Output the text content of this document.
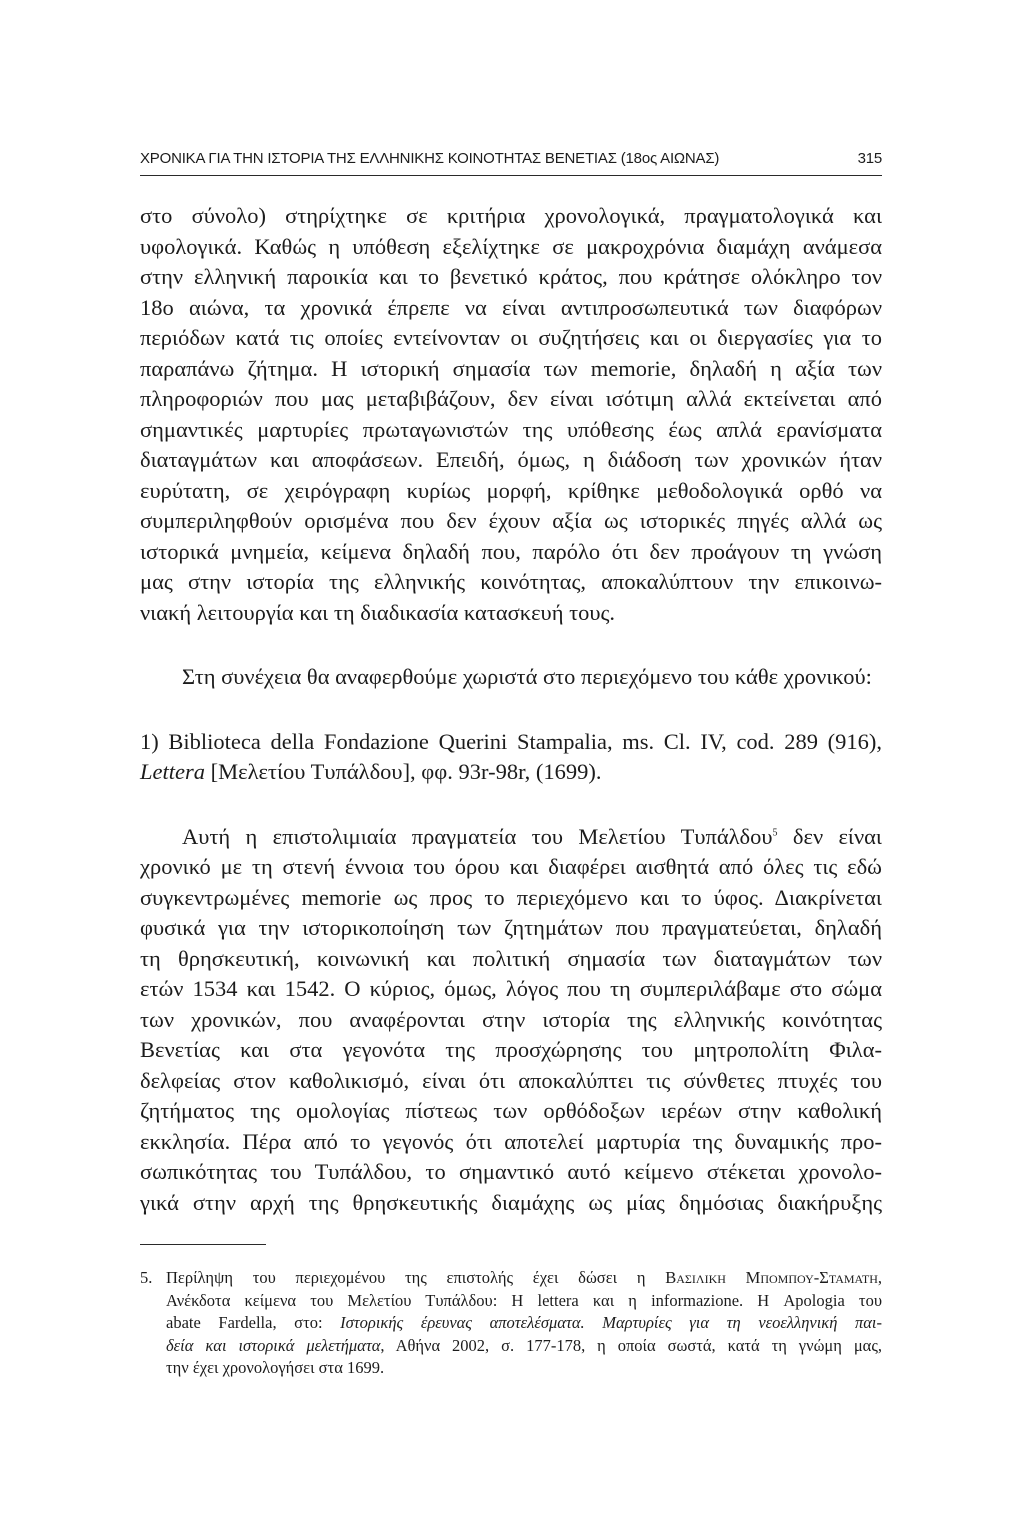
ΧΡΟΝΙΚΑ ΓΙΑ ΤΗΝ ΙΣΤΟΡΙΑ ΤΗΣ ΕΛΛΗΝΙΚΗΣ ΚΟΙΝΟΤΗΤΑΣ ΒΕΝΕΤΙΑΣ (18ος ΑΙΩΝΑΣ)	315
στο σύνολο) στηρίχτηκε σε κριτήρια χρονολογικά, πραγματολογικά και
υφολογικά. Καθώς η υπόθεση εξελίχτηκε σε μακροχρόνια διαμάχη ανάμεσα
στην ελληνική παροικία και το βενετικό κράτος, που κράτησε ολόκληρο τον
18ο αιώνα, τα χρονικά έπρεπε να είναι αντιπροσωπευτικά των διαφόρων
περιόδων κατά τις οποίες εντείνονταν οι συζητήσεις και οι διεργασίες για το
παραπάνω ζήτημα. Η ιστορική σημασία των memorie, δηλαδή η αξία των
πληροφοριών που μας μεταβιβάζουν, δεν είναι ισότιμη αλλά εκτείνεται από
σημαντικές μαρτυρίες πρωταγωνιστών της υπόθεσης έως απλά ερανίσματα
διαταγμάτων και αποφάσεων. Επειδή, όμως, η διάδοση των χρονικών ήταν
ευρύτατη, σε χειρόγραφη κυρίως μορφή, κρίθηκε μεθοδολογικά ορθό να
συμπεριληφθούν ορισμένα που δεν έχουν αξία ως ιστορικές πηγές αλλά ως
ιστορικά μνημεία, κείμενα δηλαδή που, παρόλο ότι δεν προάγουν τη γνώση
μας στην ιστορία της ελληνικής κοινότητας, αποκαλύπτουν την επικοινω-
νιακή λειτουργία και τη διαδικασία κατασκευή τους.
Στη συνέχεια θα αναφερθούμε χωριστά στο περιεχόμενο του κάθε χρονικού:
1) Biblioteca della Fondazione Querini Stampalia, ms. Cl. IV, cod. 289 (916),
Lettera [Μελετίου Τυπάλδου], φφ. 93r-98r, (1699).
Αυτή η επιστολιμιαία πραγματεία του Μελετίου Τυπάλδου$^5$ δεν είναι
χρονικό με τη στενή έννοια του όρου και διαφέρει αισθητά από όλες τις εδώ
συγκεντρωμένες memorie ως προς το περιεχόμενο και το ύφος. Διακρίνεται
φυσικά για την ιστορικοποίηση των ζητημάτων που πραγματεύεται, δηλαδή
τη θρησκευτική, κοινωνική και πολιτική σημασία των διαταγμάτων των
ετών 1534 και 1542. Ο κύριος, όμως, λόγος που τη συμπεριλάβαμε στο σώμα
των χρονικών, που αναφέρονται στην ιστορία της ελληνικής κοινότητας
Βενετίας και στα γεγονότα της προσχώρησης του μητροπολίτη Φιλα-
δελφείας στον καθολικισμό, είναι ότι αποκαλύπτει τις σύνθετες πτυχές του
ζητήματος της ομολογίας πίστεως των ορθόδοξων ιερέων στην καθολική
εκκλησία. Πέρα από το γεγονός ότι αποτελεί μαρτυρία της δυναμικής προ-
σωπικότητας του Τυπάλδου, το σημαντικό αυτό κείμενο στέκεται χρονολο-
γικά στην αρχή της θρησκευτικής διαμάχης ως μίας δημόσιας διακήρυξης
5. Περίληψη του περιεχομένου της επιστολής έχει δώσει η Βασιλικη Μπομπου-Σταματη,
Ανέκδοτα κείμενα του Μελετίου Τυπάλδου: Η lettera και η informazione. Η Apologia του
abate Fardella, στο: Ιστορικής έρευνας αποτελέσματα. Μαρτυρίες για τη νεοελληνική παι-
δεία και ιστορικά μελετήματα, Αθήνα 2002, σ. 177-178, η οποία σωστά, κατά τη γνώμη μας,
την έχει χρονολογήσει στα 1699.
